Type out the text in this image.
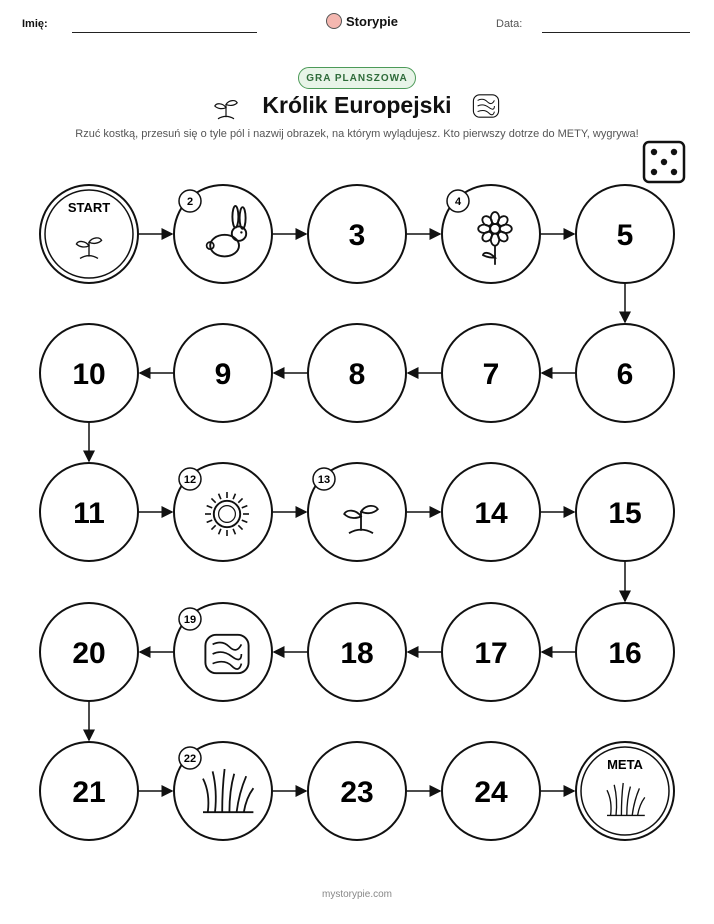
Imię:	Storypie	Data:
GRA PLANSZOWA
Królik Europejski
Rzuć kostką, przesuń się o tyle pól i nazwij obrazek, na którym wylądujesz. Kto pierwszy dotrze do METY, wygrywa!
START	2
3
4
5
6
7
8
9
10
11
12	13
14	15
16
17
18
19
20
21
22
23	24
META
mystorypie.com
